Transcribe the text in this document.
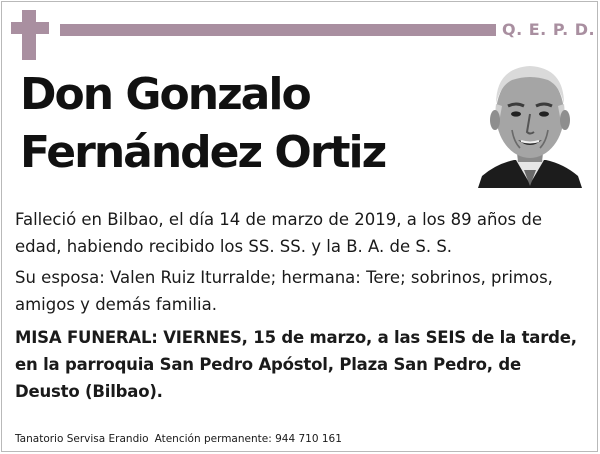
Q. E. P. D.
Don Gonzalo
Fernández Ortiz

Falleció en Bilbao, el día 14 de marzo de 2019, a los 89 años de edad, habiendo recibido los SS. SS. y la B. A. de S. S.

Su esposa: Valen Ruiz Iturralde; hermana: Tere; sobrinos, primos, amigos y demás familia.

MISA FUNERAL: VIERNES, 15 de marzo, a las SEIS de la tarde, en la parroquia San Pedro Apóstol, Plaza San Pedro, de Deusto (Bilbao).

Tanatorio Servisa Erandio Atención permanente: 944 710 161
